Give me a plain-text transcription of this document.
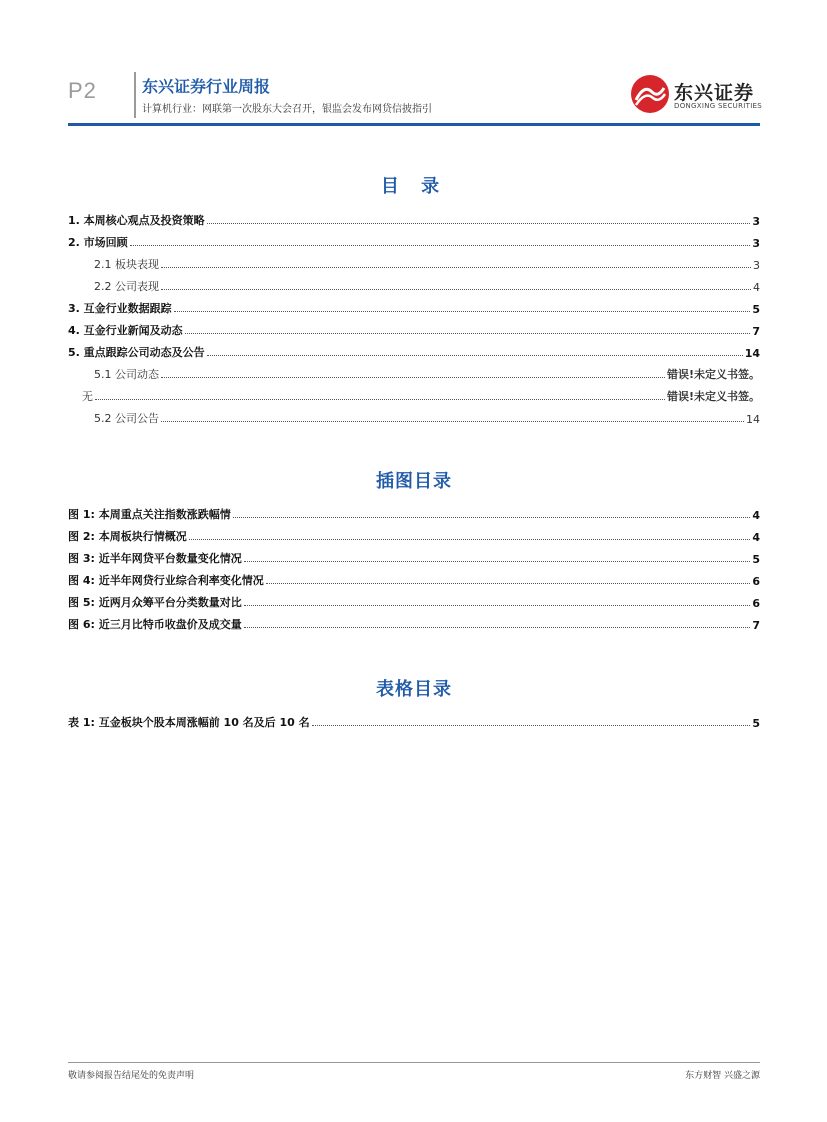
P2	东兴证券行业周报
计算机行业：网联第一次股东大会召开，银监会发布网贷信披指引
东兴证券
DONGXING SECURITIES
目 录
1. 本周核心观点及投资策略	3
2. 市场回顾	3
2.1 板块表现	3
2.2 公司表现	4
3. 互金行业数据跟踪	5
4. 互金行业新闻及动态	7
5. 重点跟踪公司动态及公告	14
5.1 公司动态	错误!未定义书签。
无	错误!未定义书签。
5.2 公司公告	14
插图目录
图 1: 本周重点关注指数涨跌幅情	4
图 2: 本周板块行情概况	4
图 3: 近半年网贷平台数量变化情况	5
图 4: 近半年网贷行业综合利率变化情况	6
图 5: 近两月众筹平台分类数量对比	6
图 6: 近三月比特币收盘价及成交量	7
表格目录
表 1: 互金板块个股本周涨幅前 10 名及后 10 名	5
敬请参阅报告结尾处的免责声明	东方财智 兴盛之源
